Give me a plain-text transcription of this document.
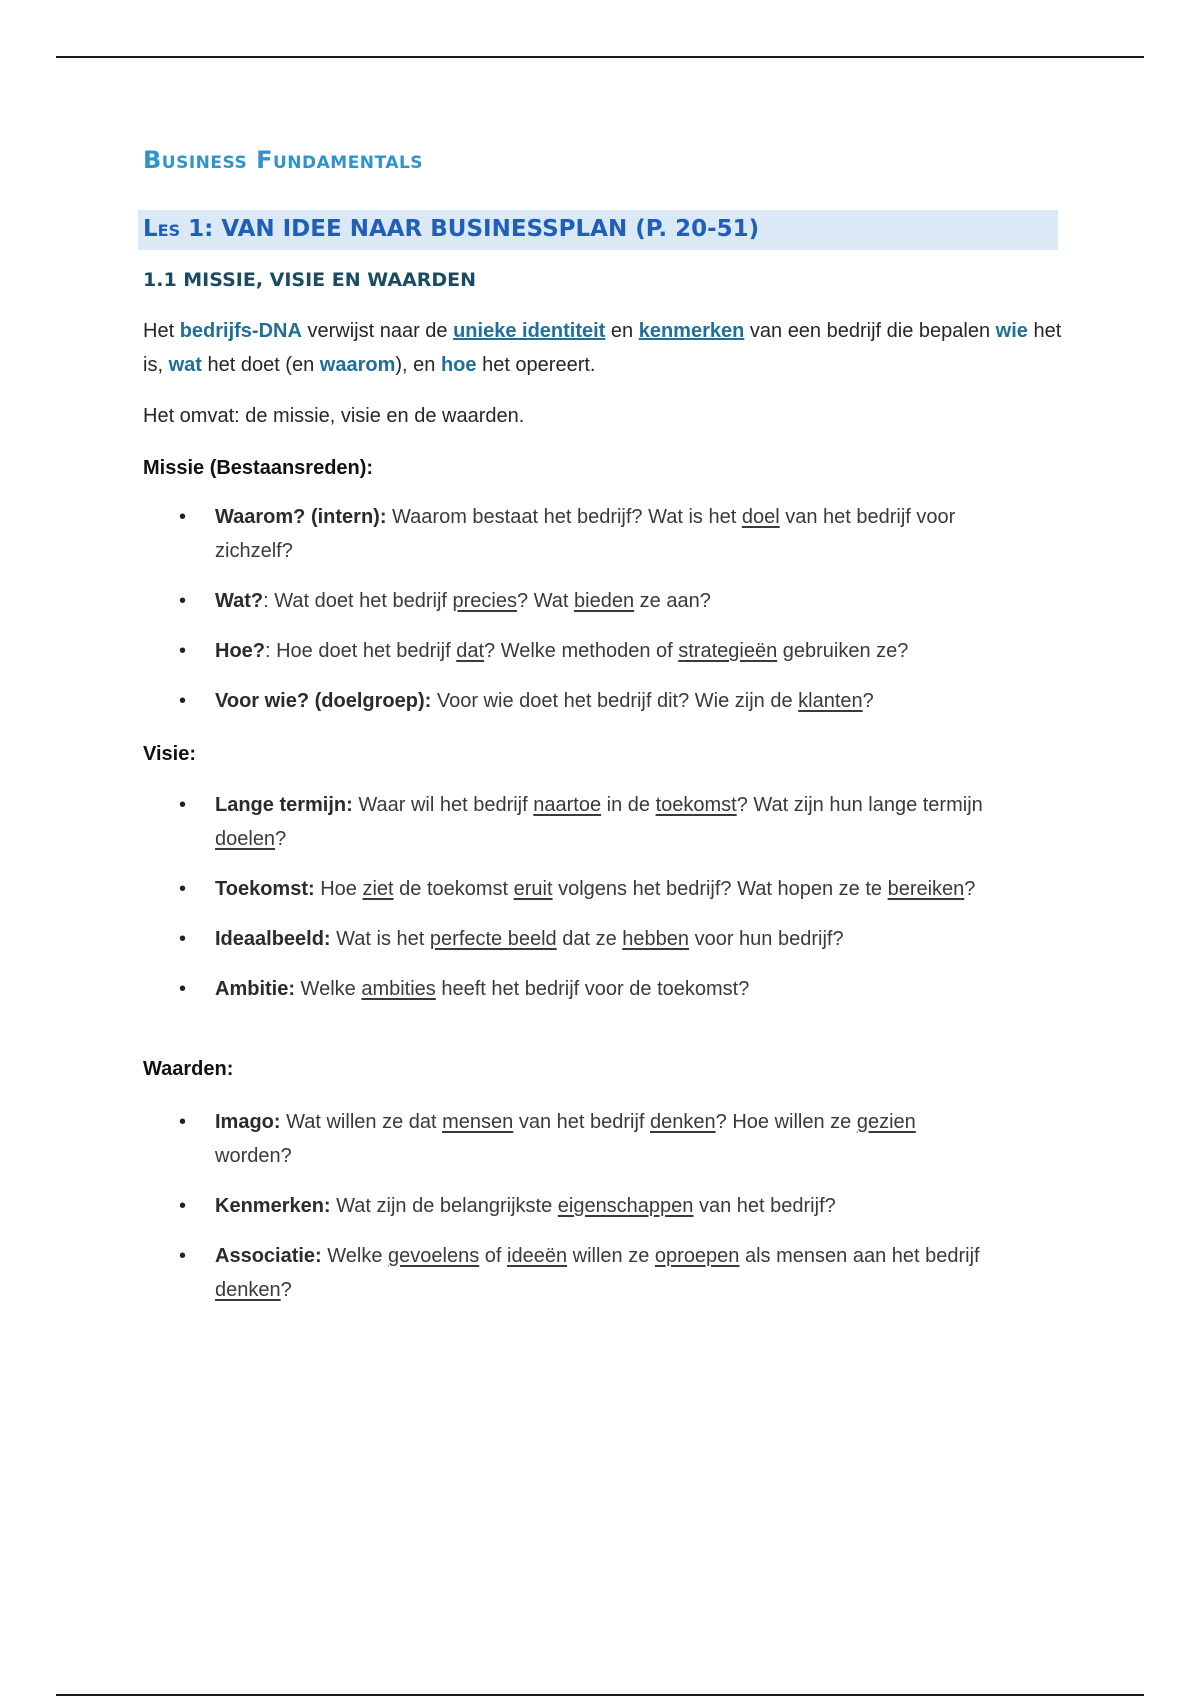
Business Fundamentals
Les 1: VAN IDEE NAAR BUSINESSPLAN (P. 20-51)
1.1 MISSIE, VISIE EN WAARDEN

Het bedrijfs-DNA verwijst naar de unieke identiteit en kenmerken van een bedrijf die bepalen wie het is, wat het doet (en waarom), en hoe het opereert.

Het omvat: de missie, visie en de waarden.

Missie (Bestaansreden):

• Waarom? (intern): Waarom bestaat het bedrijf? Wat is het doel van het bedrijf voor zichzelf?
• Wat?: Wat doet het bedrijf precies? Wat bieden ze aan?
• Hoe?: Hoe doet het bedrijf dat? Welke methoden of strategieën gebruiken ze?
• Voor wie? (doelgroep): Voor wie doet het bedrijf dit? Wie zijn de klanten?

Visie:

• Lange termijn: Waar wil het bedrijf naartoe in de toekomst? Wat zijn hun lange termijn doelen?
• Toekomst: Hoe ziet de toekomst eruit volgens het bedrijf? Wat hopen ze te bereiken?
• Ideaalbeeld: Wat is het perfecte beeld dat ze hebben voor hun bedrijf?
• Ambitie: Welke ambities heeft het bedrijf voor de toekomst?

Waarden:

• Imago: Wat willen ze dat mensen van het bedrijf denken? Hoe willen ze gezien worden?
• Kenmerken: Wat zijn de belangrijkste eigenschappen van het bedrijf?
• Associatie: Welke gevoelens of ideeën willen ze oproepen als mensen aan het bedrijf denken?
